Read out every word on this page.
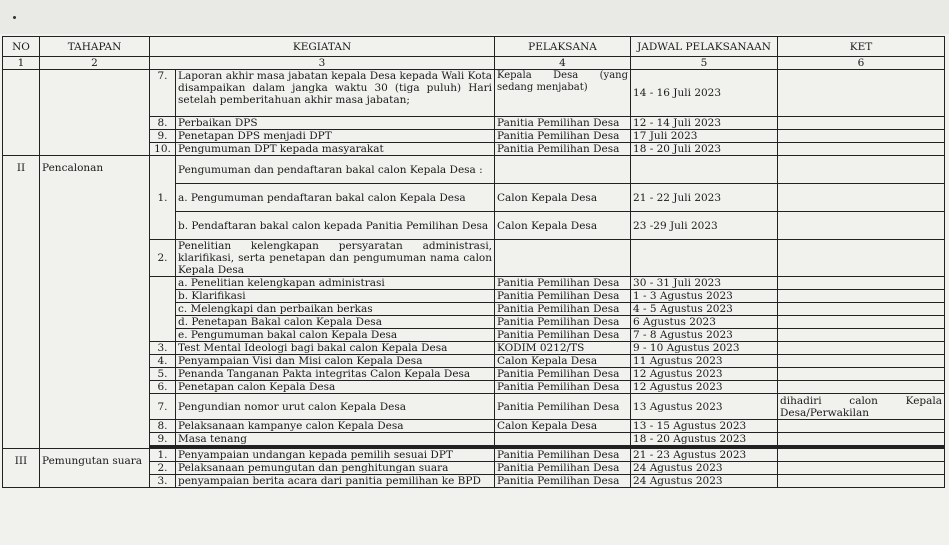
NO	TAHAPAN	KEGIATAN		PELAKSANA	JADWAL PELAKSANAAN	KET
1	2	3		4	5	6
		7.	Laporan akhir masa jabatan kepala Desa kepada Wali Kota disampaikan dalam jangka waktu 30 (tiga puluh) Hari setelah pemberitahuan akhir masa jabatan;	Kepala Desa (yang sedang menjabat)	14 - 16 Juli 2023	
		8.	Perbaikan DPS	Panitia Pemilihan Desa	12 - 14 Juli 2023	
		9.	Penetapan DPS menjadi DPT	Panitia Pemilihan Desa	17 Juli 2023	
		10.	Pengumuman DPT kepada masyarakat	Panitia Pemilihan Desa	18 - 20 Juli 2023	
II	Pencalonan	1.	Pengumuman dan pendaftaran bakal calon Kepala Desa :			
			a. Pengumuman pendaftaran bakal calon Kepala Desa	Calon Kepala Desa	21 - 22 Juli 2023	
			b. Pendaftaran bakal calon kepada Panitia Pemilihan Desa	Calon Kepala Desa	23 -29 Juli 2023	
		2.	Penelitian kelengkapan persyaratan administrasi, klarifikasi, serta penetapan dan pengumuman nama calon Kepala Desa			
			a. Penelitian kelengkapan administrasi	Panitia Pemilihan Desa	30 - 31 Juli 2023	
			b. Klarifikasi	Panitia Pemilihan Desa	1 - 3 Agustus 2023	
			c. Melengkapi dan perbaikan berkas	Panitia Pemilihan Desa	4 - 5 Agustus 2023	
			d. Penetapan Bakal calon Kepala Desa	Panitia Pemilihan Desa	6 Agustus 2023	
			e. Pengumuman bakal calon Kepala Desa	Panitia Pemilihan Desa	7 - 8 Agustus 2023	
		3.	Test Mental Ideologi bagi bakal calon Kepala Desa	KODIM 0212/TS	9 - 10 Agustus 2023	
		4.	Penyampaian Visi dan Misi calon Kepala Desa	Calon Kepala Desa	11 Agustus 2023	
		5.	Penanda Tanganan Pakta integritas Calon Kepala Desa	Panitia Pemilihan Desa	12 Agustus 2023	
		6.	Penetapan calon Kepala Desa	Panitia Pemilihan Desa	12 Agustus 2023	
		7.	Pengundian nomor urut calon Kepala Desa	Panitia Pemilihan Desa	13 Agustus 2023	dihadiri calon Kepala Desa/Perwakilan
		8.	Pelaksanaan kampanye calon Kepala Desa	Calon Kepala Desa	13 - 15 Agustus 2023	
		9.	Masa tenang		18 - 20 Agustus 2023	

III	Pemungutan suara	1.	Penyampaian undangan kepada pemilih sesuai DPT	Panitia Pemilihan Desa	21 - 23 Agustus 2023	
		2.	Pelaksanaan pemungutan dan penghitungan suara	Panitia Pemilihan Desa	24 Agustus 2023	
		3.	penyampaian berita acara dari panitia pemilihan ke BPD	Panitia Pemilihan Desa	24 Agustus 2023	
